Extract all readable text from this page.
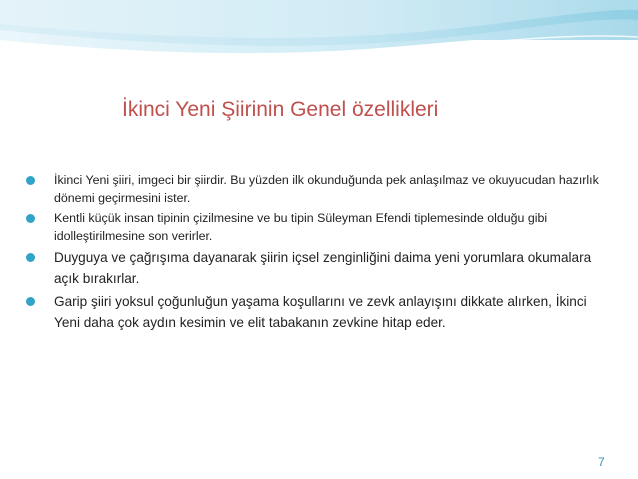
İkinci Yeni Şiirinin Genel özellikleri
İkinci Yeni şiiri, imgeci bir şiirdir. Bu yüzden ilk okunduğunda pek anlaşılmaz ve okuyucudan hazırlık dönemi geçirmesini ister.
Kentli küçük insan tipinin çizilmesine ve bu tipin Süleyman Efendi tiplemesinde olduğu gibi idolleştirilmesine son verirler.
Duyguya ve çağrışıma dayanarak şiirin içsel zenginliğini daima yeni yorumlara okumalara açık bırakırlar.
Garip şiiri yoksul çoğunluğun yaşama koşullarını ve zevk anlayışını dikkate alırken, İkinci Yeni daha çok aydın kesimin ve elit tabakanın zevkine hitap eder.
7
